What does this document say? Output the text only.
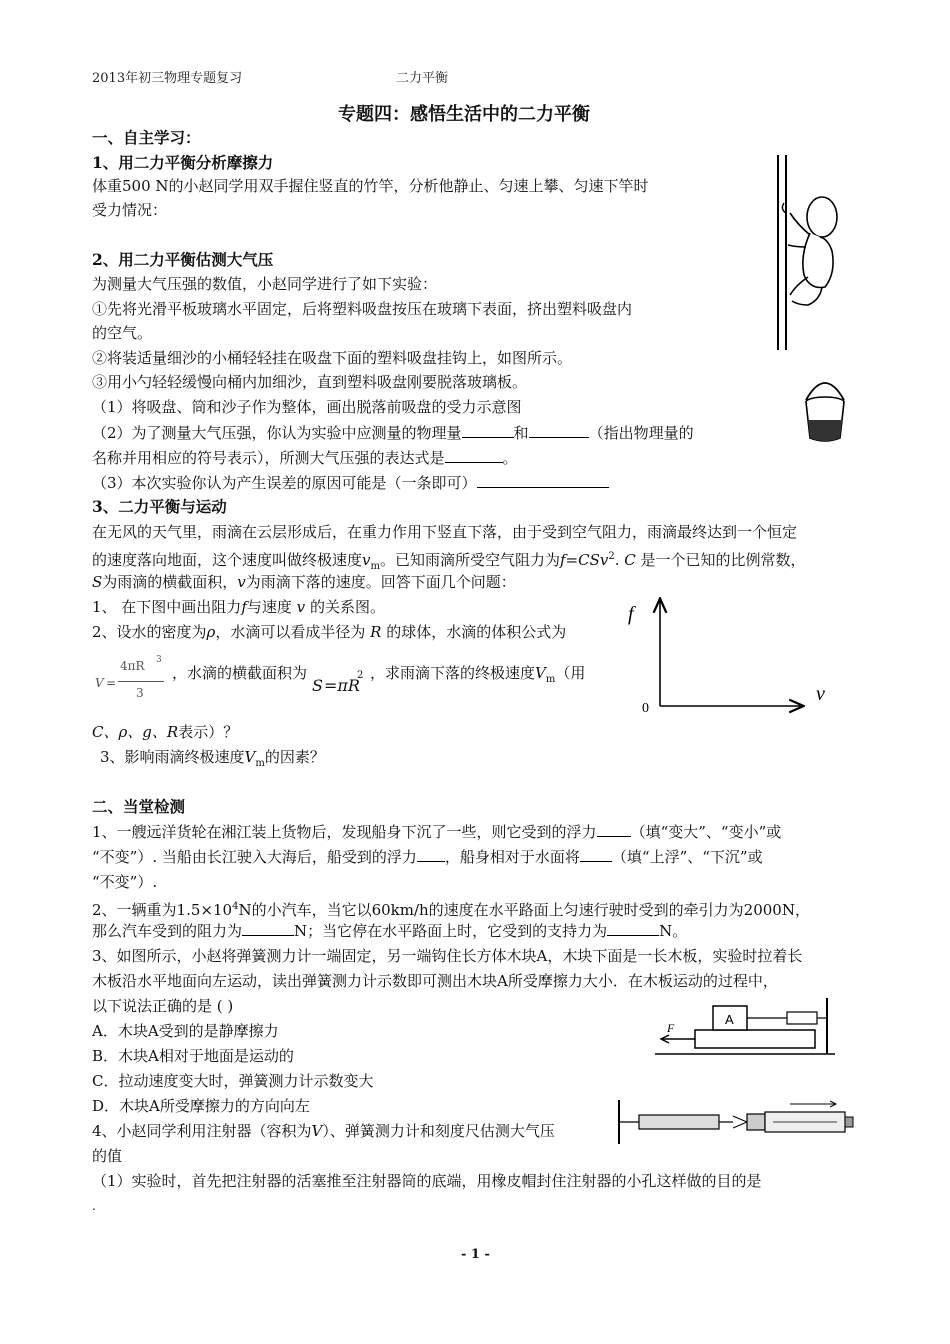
2013年初三物理专题复习	二力平衡
专题四：感悟生活中的二力平衡
一、自主学习：
1、用二力平衡分析摩擦力
体重500 N的小赵同学用双手握住竖直的竹竿，分析他静止、匀速上攀、匀速下竿时
受力情况：
2、用二力平衡估测大气压
为测量大气压强的数值，小赵同学进行了如下实验：
①先将光滑平板玻璃水平固定，后将塑料吸盘按压在玻璃下表面，挤出塑料吸盘内
的空气。
②将装适量细沙的小桶轻轻挂在吸盘下面的塑料吸盘挂钩上，如图所示。
③用小勺轻轻缓慢向桶内加细沙，直到塑料吸盘刚要脱落玻璃板。
（1）将吸盘、筒和沙子作为整体，画出脱落前吸盘的受力示意图
（2）为了测量大气压强，你认为实验中应测量的物理量	和	（指出物理量的
名称并用相应的符号表示），所测大气压强的表达式是	。
（3）本次实验你认为产生误差的原因可能是（一条即可）
3、二力平衡与运动
在无风的天气里，雨滴在云层形成后，在重力作用下竖直下落，由于受到空气阻力，雨滴最终达到一个恒定
的速度落向地面，这个速度叫做终极速度$v_m$。已知雨滴所受空气阻力为f=CSv$^2$. C 是一个已知的比例常数，
S为雨滴的横截面积，v为雨滴下落的速度。回答下面几个问题：
1、 在下图中画出阻力f与速度 v 的关系图。
2、设水的密度为ρ，水滴可以看成半径为 R 的球体，水滴的体积公式为
V =
4πR 3
3
，水滴的横截面积为
S =πR
2 ，求雨滴下落的终极速度$V_m$（用
C、ρ、g、R表示）？
3、影响雨滴终极速度$V_m$的因素？
二、当堂检测
1、一艘远洋货轮在湘江装上货物后，发现船身下沉了一些，则它受到的浮力 （填“变大”、“变小”或
“不变”）. 当船由长江驶入大海后，船受到的浮力 ，船身相对于水面将 （填“上浮”、“下沉”或
“不变”）.
2、一辆重为$1.5\times 10^4N$的小汽车，当它以60km/h的速度在水平路面上匀速行驶时受到的牵引力为2000N，
那么汽车受到的阻力为	N；当它停在水平路面上时，它受到的支持力为	N。
3、如图所示，小赵将弹簧测力计一端固定，另一端钩住长方体木块A，木块下面是一长木板，实验时拉着长
木板沿水平地面向左运动，读出弹簧测力计示数即可测出木块A所受摩擦力大小．在木板运动的过程中，
以下说法正确的是 ( )
A．木块A受到的是静摩擦力
B．木块A相对于地面是运动的
C．拉动速度变大时，弹簧测力计示数变大
D．木块A所受摩擦力的方向向左
4、小赵同学利用注射器（容积为V）、弹簧测力计和刻度尺估测大气压
的值
（1）实验时，首先把注射器的活塞推至注射器筒的底端，用橡皮帽封住注射器的小孔这样做的目的是
.
- 1 -
f
v
0
A
F
